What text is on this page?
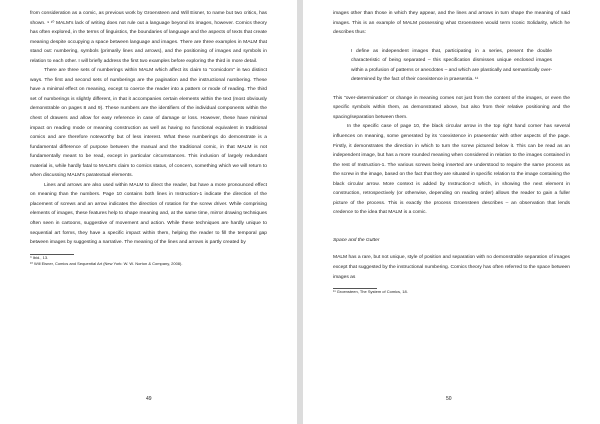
from consideration as a comic, as previous work by Groensteen and Will Eisner, to name but two critics, has shown. ⁹ ¹⁰ MALM's lack of writing does not rule out a language beyond its images, however. Comics theory has often explored, in the terms of linguistics, the boundaries of language and the aspects of texts that create meaning despite occupying a space between language and images. There are three examples in MALM that stand out: numbering, symbols (primarily lines and arrows), and the positioning of images and symbols in relation to each other. I will briefly address the first two examples before exploring the third in more detail.

There are three sets of numberings within MALM which affect its claim to "comicdom" in two distinct ways. The first and second sets of numberings are the pagination and the instructional numbering. These have a minimal effect on meaning, except to coerce the reader into a pattern or mode of reading. The third set of numberings is slightly different, in that it accompanies certain elements within the text (most obviously demonstrable on pages 8 and 9). These numbers are the identifiers of the individual components within the chest of drawers and allow for easy reference in case of damage or loss. However, these have minimal impact on reading mode or meaning construction as well as having no functional equivalent in traditional comics and are therefore noteworthy but of less interest. What these numberings do demonstrate is a fundamental difference of purpose between the manual and the traditional comic, in that MALM is not fundamentally meant to be read, except in particular circumstances. This inclusion of largely redundant material is, while hardly fatal to MALM's claim to comics status, of concern, something which we will return to when discussing MALM's paratextual elements.

Lines and arrows are also used within MALM to direct the reader, but have a more pronounced effect on meaning than the numbers. Page 10 contains both lines in Instruction-1 indicate the direction of the placement of screws and an arrow indicates the direction of rotation for the screw driver. While comprising elements of images, these features help to shape meaning and, at the same time, mirror drawing techniques often seen in cartoons, suggestive of movement and action. While these techniques are hardly unique to sequential art forms, they have a specific impact within them, helping the reader to fill the temporal gap between images by suggesting a narrative. The meaning of the lines and arrows is partly created by

⁹ Ibid., 13.
¹⁰ Will Eisner, Comics and Sequential Art (New York: W. W. Norton & Company, 2008).
49

images other than those in which they appear, and the lines and arrows in turn shape the meaning of said images. This is an example of MALM possessing what Groensteen would term Iconic Solidarity, which he describes thus:

I define as independent images that, participating in a series, present the double characteristic of being separated – this specification dismisses unique enclosed images within a profusion of patterns or anecdotes – and which are plastically and semantically over-determined by the fact of their coexistence in praesentia. ¹¹

This "over-determination" or change in meaning comes not just from the content of the images, or even the specific symbols within them, as demonstrated above, but also from their relative positioning and the spacing/separation between them.

In the specific case of page 10, the black circular arrow in the top right hand corner has several influences on meaning, some generated by its 'coexistence in praesentia' with other aspects of the page. Firstly, it demonstrates the direction in which to turn the screw pictured below it. This can be read as an independent image, but has a more rounded meaning when considered in relation to the images contained in the rest of Instruction-1. The various screws being inserted are understood to require the same process as the screw in the image, based on the fact that they are situated in specific relation to the image containing the black circular arrow. More context is added by Instruction-2 which, in showing the next element in construction, retrospectively (or otherwise, depending on reading order) allows the reader to gain a fuller picture of the process. This is exactly the process Groensteen describes – an observation that lends credence to the idea that MALM is a comic.

Space and the Gutter

MALM has a rare, but not unique, style of position and separation with no demonstrable separation of images except that suggested by the instructional numbering. Comics theory has often referred to the space between images as

¹¹ Groensteen, The System of Comics, 18.
50
